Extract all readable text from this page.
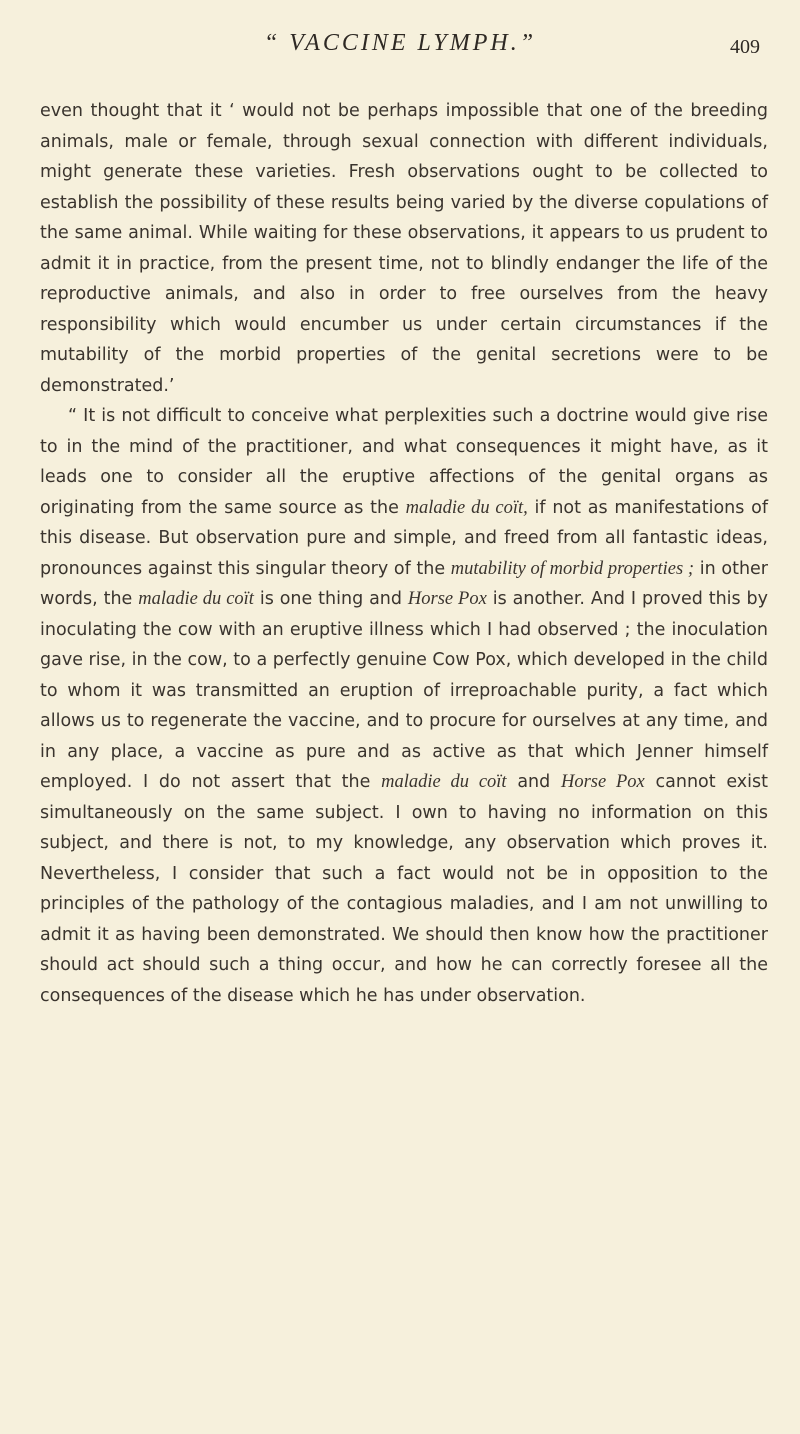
“ VACCINE LYMPH.”	409

even thought that it ‘ would not be perhaps impossible that one of the breeding animals, male or female, through sexual connection with different individuals, might generate these varieties. Fresh observations ought to be collected to establish the possibility of these results being varied by the diverse copulations of the same animal. While waiting for these observations, it appears to us prudent to admit it in practice, from the present time, not to blindly endanger the life of the reproductive animals, and also in order to free ourselves from the heavy responsibility which would encumber us under certain circumstances if the mutability of the morbid properties of the genital secretions were to be demonstrated.’

“ It is not difficult to conceive what perplexities such a doctrine would give rise to in the mind of the practitioner, and what consequences it might have, as it leads one to consider all the eruptive affections of the genital organs as originating from the same source as the maladie du coït, if not as manifestations of this disease. But observation pure and simple, and freed from all fantastic ideas, pronounces against this singular theory of the mutability of morbid properties ; in other words, the maladie du coït is one thing and Horse Pox is another. And I proved this by inoculating the cow with an eruptive illness which I had observed ; the inoculation gave rise, in the cow, to a perfectly genuine Cow Pox, which developed in the child to whom it was transmitted an eruption of irreproachable purity, a fact which allows us to regenerate the vaccine, and to procure for ourselves at any time, and in any place, a vaccine as pure and as active as that which Jenner himself employed. I do not assert that the maladie du coït and Horse Pox cannot exist simultaneously on the same subject. I own to having no information on this subject, and there is not, to my knowledge, any observation which proves it. Nevertheless, I consider that such a fact would not be in opposition to the principles of the pathology of the contagious maladies, and I am not unwilling to admit it as having been demonstrated. We should then know how the practitioner should act should such a thing occur, and how he can correctly foresee all the consequences of the disease which he has under observation.
